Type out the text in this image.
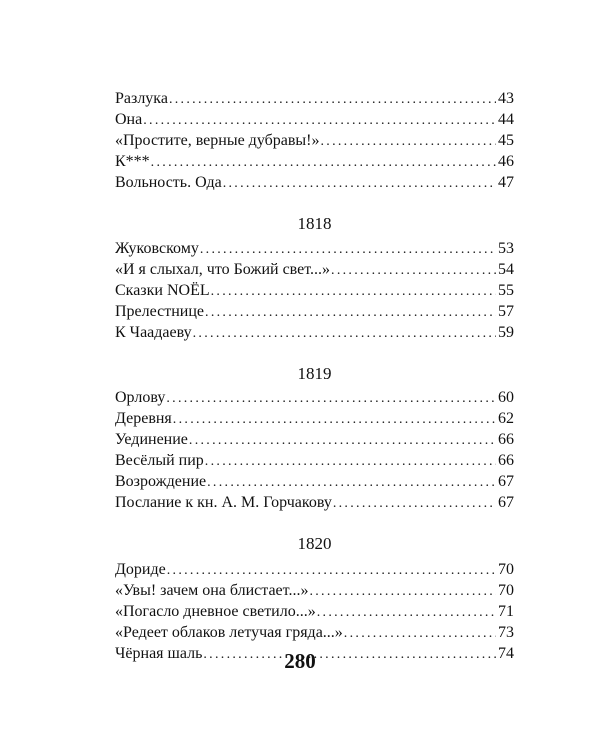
Разлука . . .	43
Она . . .	44
«Простите, верные дубравы!» . . .	45
К*** . . .	46
Вольность. Ода . . .	47
1818
Жуковскому . . .	53
«И я слыхал, что Божий свет...» . . .	54
Сказки NOЁL . . .	55
Прелестнице . . .	57
К Чаадаеву . . .	59
1819
Орлову . . .	60
Деревня . . .	62
Уединение . . .	66
Весёлый пир . . .	66
Возрождение . . .	67
Послание к кн. А. М. Горчакову . . .	67
1820
Дориде . . .	70
«Увы! зачем она блистает...» . . .	70
«Погасло дневное светило...» . . .	71
«Редеет облаков летучая гряда...» . . .	73
Чёрная шаль . . .	74
280
